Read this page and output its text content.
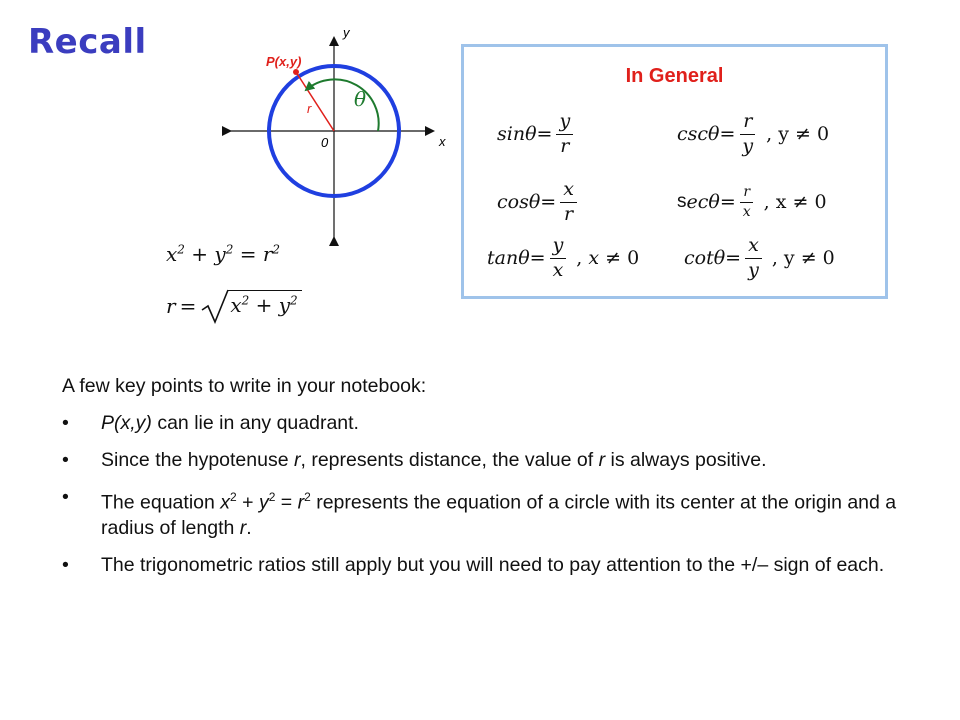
Recall	y
x
0
P(x,y)
r θ
In General
$\sin\theta = \frac{y}{r}$	$\csc\theta = \frac{r}{y}$ , y ≠ 0
$\cos\theta = \frac{x}{r}$	s $ec\theta = \frac{r}{x}$ , x ≠ 0
$\tan\theta = \frac{y}{x}$ , x ≠ 0 $\cot\theta = \frac{x}{y}$ , y ≠ 0
$x^2 + y^2 = r^2$
$r = x^2 + y^2$

A few key points to write in your notebook:

• P(x,y) can lie in any quadrant.

• Since the hypotenuse r, represents distance, the value of r is always positive.

• The equation $x^2 + y^2 = r^2$ represents the equation of a circle with its center at the origin and a radius of length r.

• The trigonometric ratios still apply but you will need to pay attention to the +/– sign of each.
